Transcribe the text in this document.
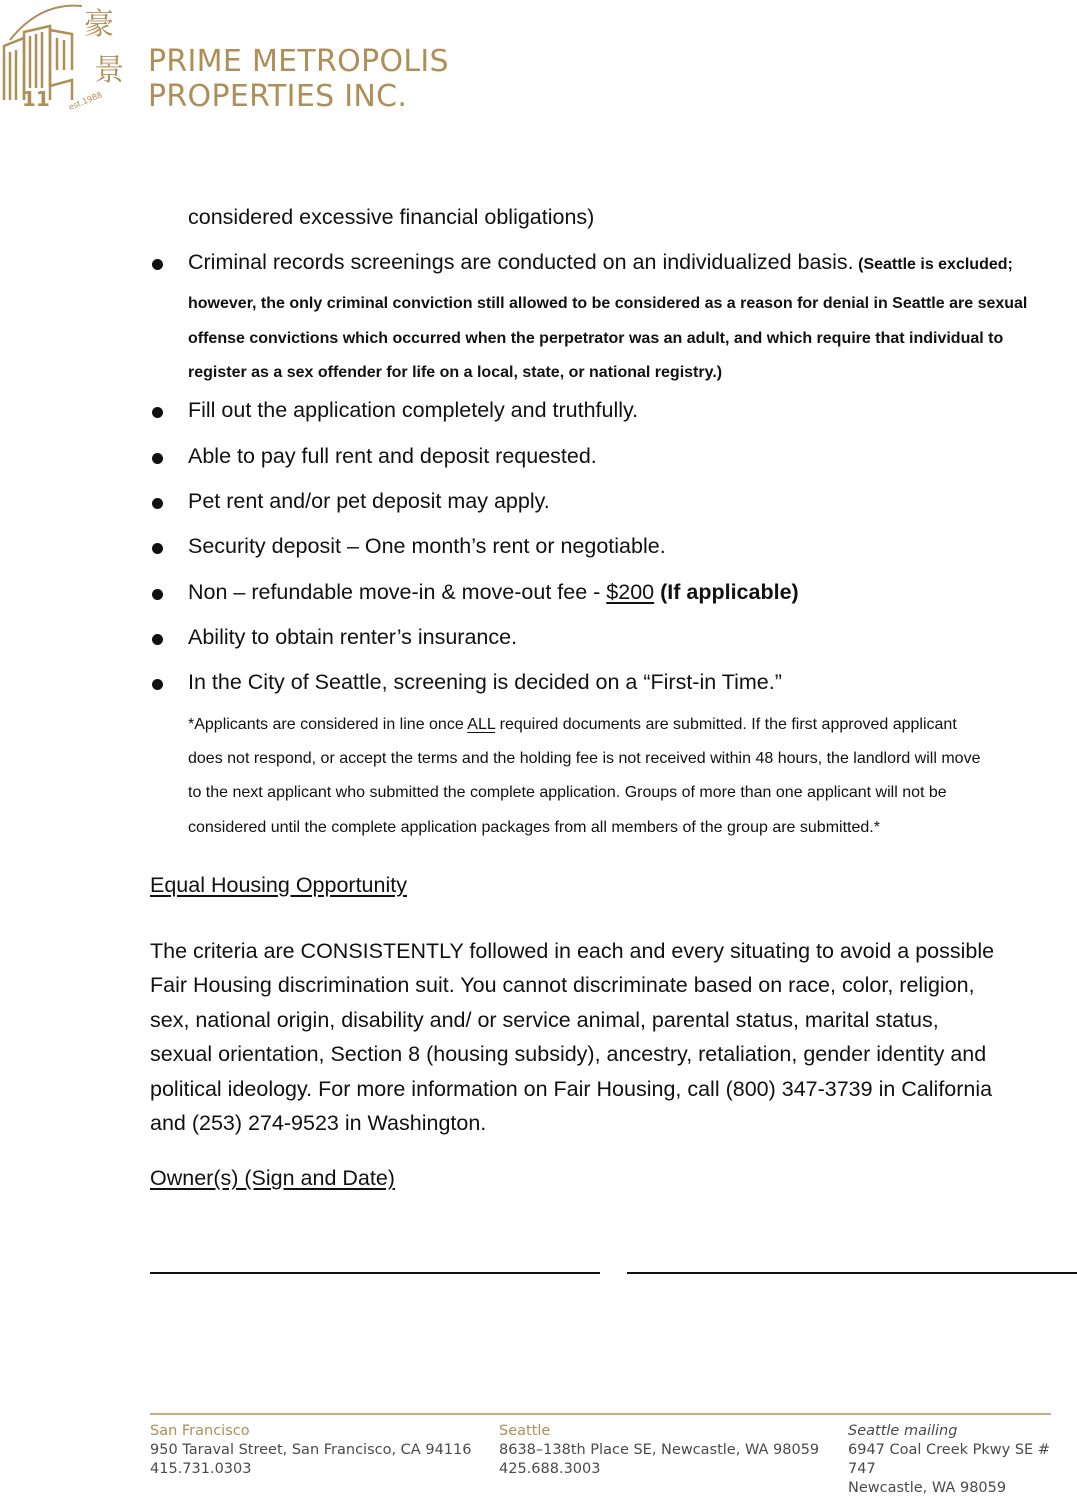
11
豪
景
est.1988
PRIME METROPOLIS
PROPERTIES INC.
considered excessive financial obligations)
Criminal records screenings are conducted on an individualized basis. (Seattle is excluded;
however, the only criminal conviction still allowed to be considered as a reason for denial in Seattle are sexual
offense convictions which occurred when the perpetrator was an adult, and which require that individual to
register as a sex offender for life on a local, state, or national registry.)
Fill out the application completely and truthfully.
Able to pay full rent and deposit requested.
Pet rent and/or pet deposit may apply.
Security deposit – One month’s rent or negotiable.
Non – refundable move-in & move-out fee - $200 (If applicable)
Ability to obtain renter’s insurance.
In the City of Seattle, screening is decided on a “First-in Time.”
*Applicants are considered in line once ALL required documents are submitted. If the first approved applicant
does not respond, or accept the terms and the holding fee is not received within 48 hours, the landlord will move
to the next applicant who submitted the complete application. Groups of more than one applicant will not be
considered until the complete application packages from all members of the group are submitted.*
Equal Housing Opportunity
The criteria are CONSISTENTLY followed in each and every situating to avoid a possible
Fair Housing discrimination suit. You cannot discriminate based on race, color, religion,
sex, national origin, disability and/ or service animal, parental status, marital status,
sexual orientation, Section 8 (housing subsidy), ancestry, retaliation, gender identity and
political ideology. For more information on Fair Housing, call (800) 347-3739 in California
and (253) 274-9523 in Washington.
Owner(s) (Sign and Date)
San Francisco
950 Taraval Street, San Francisco, CA 94116
415.731.0303
Seattle
8638–138th Place SE, Newcastle, WA 98059
425.688.3003
Seattle mailing
6947 Coal Creek Pkwy SE # 747
Newcastle, WA 98059
